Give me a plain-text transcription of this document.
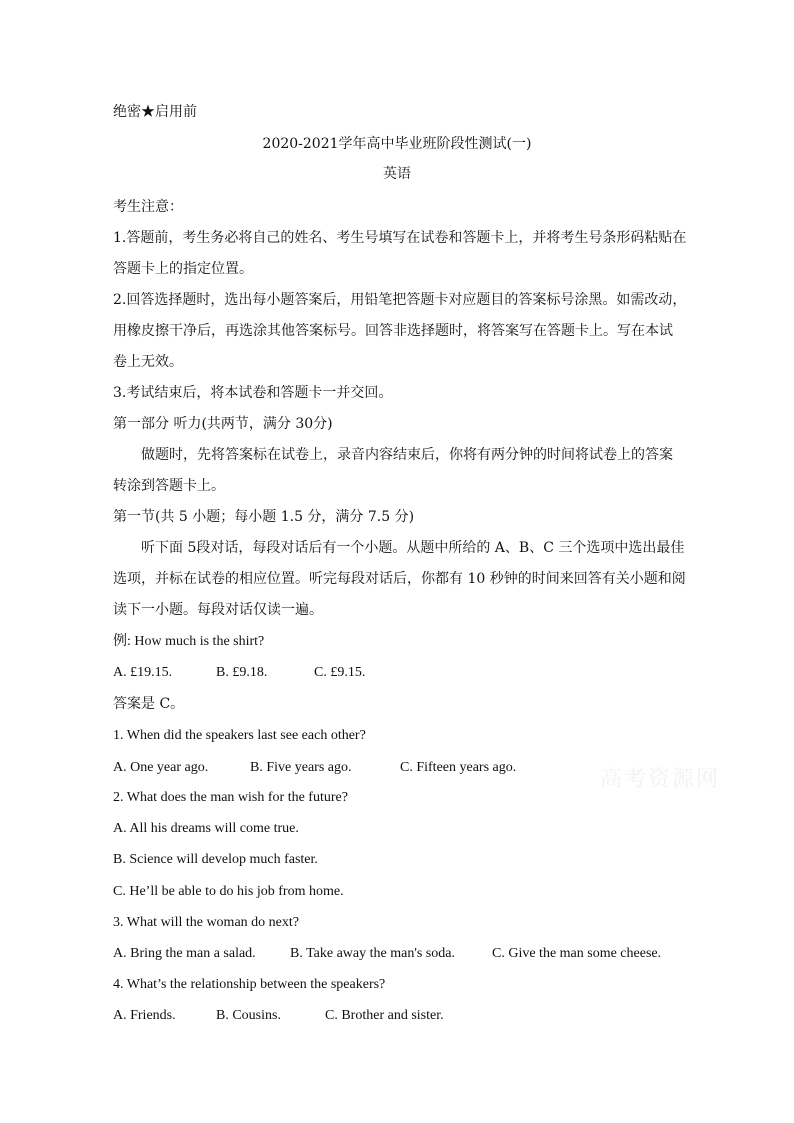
绝密★启用前
2020-2021学年高中毕业班阶段性测试(一)
英语
考生注意：
1.答题前，考生务必将自己的姓名、考生号填写在试卷和答题卡上，并将考生号条形码粘贴在
答题卡上的指定位置。
2.回答选择题时，选出每小题答案后，用铅笔把答题卡对应题目的答案标号涂黑。如需改动，
用橡皮擦干净后，再选涂其他答案标号。回答非选择题时，将答案写在答题卡上。写在本试
卷上无效。
3.考试结束后，将本试卷和答题卡一并交回。
第一部分 听力(共两节，满分 30分)
做题时，先将答案标在试卷上，录音内容结束后，你将有两分钟的时间将试卷上的答案
转涂到答题卡上。
第一节(共 5 小题；每小题 1.5 分，满分 7.5 分)
听下面 5段对话，每段对话后有一个小题。从题中所给的 A、B、C 三个选项中选出最佳
选项，并标在试卷的相应位置。听完每段对话后，你都有 10 秒钟的时间来回答有关小题和阅
读下一小题。每段对话仅读一遍。
例: How much is the shirt?
A. £19.15.	B. £9.18.	C. £9.15.
答案是 C。
1. When did the speakers last see each other?
A. One year ago.	B. Five years ago.	C. Fifteen years ago.
2. What does the man wish for the future?
A. All his dreams will come true.
B. Science will develop much faster.
C. He’ll be able to do his job from home.
3. What will the woman do next?
A. Bring the man a salad. B. Take away the man's soda.	C. Give the man some cheese.
4. What’s the relationship between the speakers?
A. Friends.	B. Cousins.	C. Brother and sister.
高考资源网
